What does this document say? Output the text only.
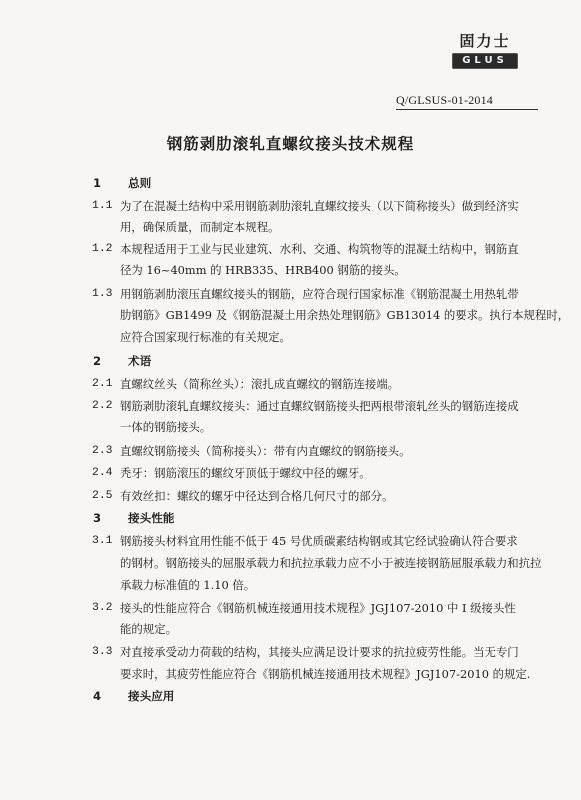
固力士
GLUS
Q/GLSUS-01-2014
钢筋剥肋滚轧直螺纹接头技术规程
1 总则
1.1 为了在混凝土结构中采用钢筋剥肋滚轧直螺纹接头（以下简称接头）做到经济实
用，确保质量，而制定本规程。
1.2 本规程适用于工业与民业建筑、水利、交通、构筑物等的混凝土结构中，钢筋直
径为 16~40mm 的 HRB335、HRB400 钢筋的接头。
1.3 用钢筋剥肋滚压直螺纹接头的钢筋，应符合现行国家标准《钢筋混凝土用热轧带
肋钢筋》GB1499 及《钢筋混凝土用余热处理钢筋》GB13014 的要求。执行本规程时，
应符合国家现行标准的有关规定。
2 术语
2.1 直螺纹丝头（简称丝头）：滚扎成直螺纹的钢筋连接端。
2.2 钢筋剥肋滚轧直螺纹接头：通过直螺纹钢筋接头把两根带滚轧丝头的钢筋连接成
一体的钢筋接头。
2.3 直螺纹钢筋接头（简称接头）：带有内直螺纹的钢筋接头。
2.4 秃牙：钢筋滚压的螺纹牙顶低于螺纹中径的螺牙。
2.5 有效丝扣：螺纹的螺牙中径达到合格几何尺寸的部分。
3 接头性能
3.1 钢筋接头材料宜用性能不低于 45 号优质碳素结构钢或其它经试验确认符合要求
的钢材。钢筋接头的屈服承载力和抗拉承载力应不小于被连接钢筋屈服承载力和抗拉
承载力标准值的 1.10 倍。
3.2 接头的性能应符合《钢筋机械连接通用技术规程》JGJ107-2010 中 I 级接头性
能的规定。
3.3 对直接承受动力荷载的结构，其接头应满足设计要求的抗拉疲劳性能。当无专门
要求时，其疲劳性能应符合《钢筋机械连接通用技术规程》JGJ107-2010 的规定.
4 接头应用
